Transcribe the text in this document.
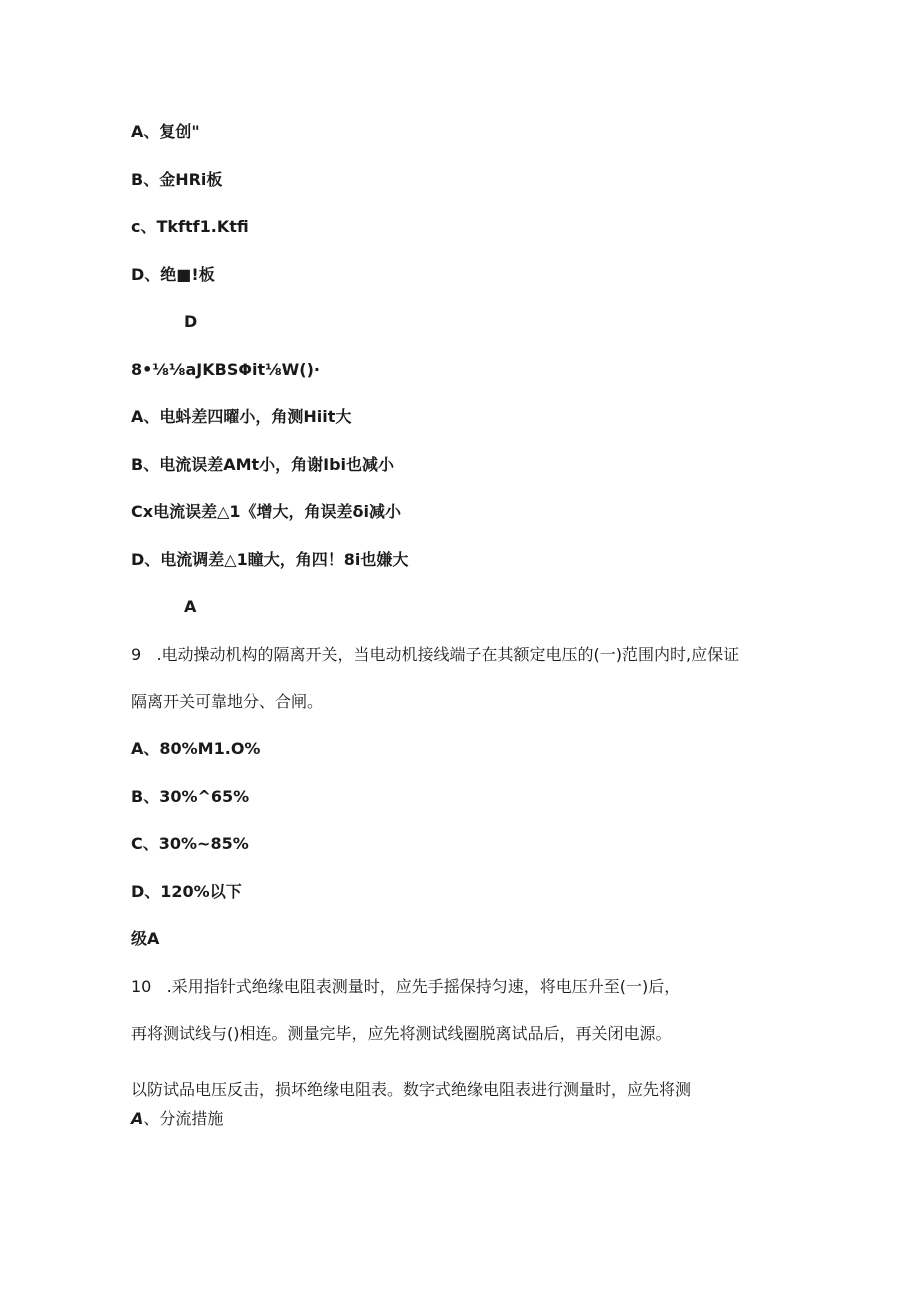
A、复创"
B、金HRi板
c、Tkftf1.Ktfi
D、绝■!板
D
8•⅛⅛aJKBSΦit⅛W()·
A、电蚪差四曜小，角测Hiit大
B、电流误差AMt小，角谢Ibi也减小
Cx电流误差△1《增大，角误差δi减小
D、电流调差△1瞳大，角四！8i也嫌大
A
9   .电动操动机构的隔离开关，当电动机接线端子在其额定电压的(一)范围内时,应保证
隔离开关可靠地分、合闸。
A、80%M1.O%
B、30%^65%
C、30%~85%
D、120%以下
级A
10   .采用指针式绝缘电阻表测量时，应先手摇保持匀速，将电压升至(一)后，
再将测试线与()相连。测量完毕，应先将测试线圈脱离试品后，再关闭电源。
以防试品电压反击，损坏绝缘电阻表。数字式绝缘电阻表进行测量时，应先将测
A、分流措施
